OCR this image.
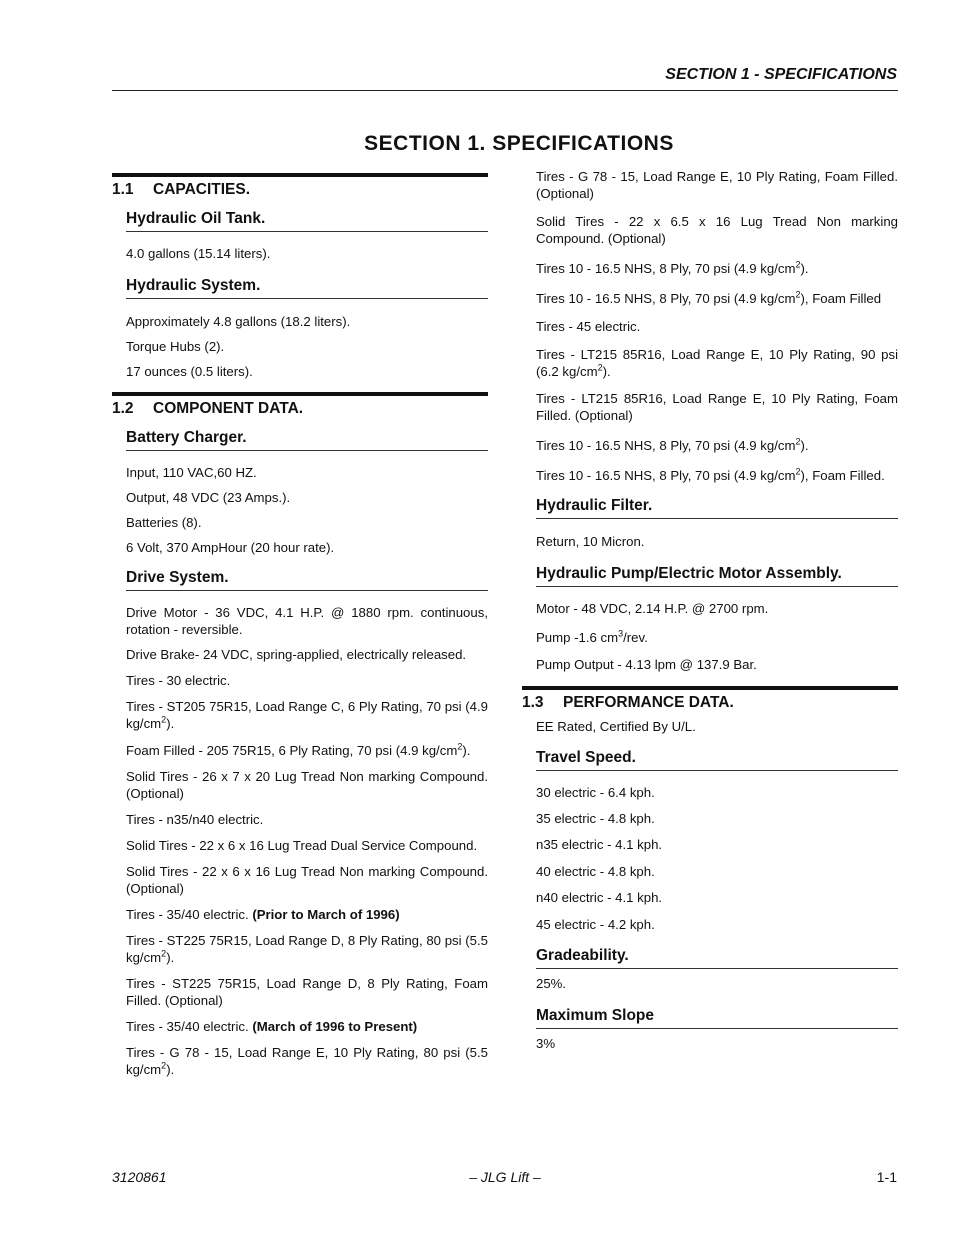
SECTION 1 - SPECIFICATIONS
SECTION 1. SPECIFICATIONS
1.1 CAPACITIES.
Hydraulic Oil Tank.

4.0 gallons (15.14 liters).

Hydraulic System.

Approximately 4.8 gallons (18.2 liters).

Torque Hubs (2).

17 ounces (0.5 liters).

1.2 COMPONENT DATA.
Battery Charger.

Input, 110 VAC,60 HZ.

Output, 48 VDC (23 Amps.).

Batteries (8).

6 Volt, 370 AmpHour (20 hour rate).

Drive System.

Drive Motor - 36 VDC, 4.1 H.P. @ 1880 rpm. continuous, rotation - reversible.

Drive Brake- 24 VDC, spring-applied, electrically released.

Tires - 30 electric.

Tires - ST205 75R15, Load Range C, 6 Ply Rating, 70 psi (4.9 $kg/cm^2$).

Foam Filled - 205 75R15, 6 Ply Rating, 70 psi (4.9 $kg/cm^2$).

Solid Tires - 26 x 7 x 20 Lug Tread Non marking Compound. (Optional)

Tires - n35/n40 electric.

Solid Tires - 22 x 6 x 16 Lug Tread Dual Service Compound.

Solid Tires - 22 x 6 x 16 Lug Tread Non marking Compound. (Optional)

Tires - 35/40 electric. (Prior to March of 1996)

Tires - ST225 75R15, Load Range D, 8 Ply Rating, 80 psi (5.5 $kg/cm^2$).

Tires - ST225 75R15, Load Range D, 8 Ply Rating, Foam Filled. (Optional)

Tires - 35/40 electric. (March of 1996 to Present)

Tires - G 78 - 15, Load Range E, 10 Ply Rating, 80 psi (5.5 $kg/cm^2$).

Tires - G 78 - 15, Load Range E, 10 Ply Rating, Foam Filled. (Optional)

Solid Tires - 22 x 6.5 x 16 Lug Tread Non marking Compound. (Optional)

Tires 10 - 16.5 NHS, 8 Ply, 70 psi (4.9 $kg/cm^2$).

Tires 10 - 16.5 NHS, 8 Ply, 70 psi (4.9 $kg/cm^2$), Foam Filled

Tires - 45 electric.

Tires - LT215 85R16, Load Range E, 10 Ply Rating, 90 psi (6.2 $kg/cm^2$).

Tires - LT215 85R16, Load Range E, 10 Ply Rating, Foam Filled. (Optional)

Tires 10 - 16.5 NHS, 8 Ply, 70 psi (4.9 $kg/cm^2$).

Tires 10 - 16.5 NHS, 8 Ply, 70 psi (4.9 $kg/cm^2$), Foam Filled.

Hydraulic Filter.

Return, 10 Micron.

Hydraulic Pump/Electric Motor Assembly.

Motor - 48 VDC, 2.14 H.P. @ 2700 rpm.

Pump -1.6 $cm^3$/rev.

Pump Output - 4.13 lpm @ 137.9 Bar.

1.3 PERFORMANCE DATA.

EE Rated, Certified By U/L.

Travel Speed.

30 electric - 6.4 kph.

35 electric - 4.8 kph.

n35 electric - 4.1 kph.

40 electric - 4.8 kph.

n40 electric - 4.1 kph.

45 electric - 4.2 kph.

Gradeability.

25%.

Maximum Slope

3%

3120861	– JLG Lift –	1-1
